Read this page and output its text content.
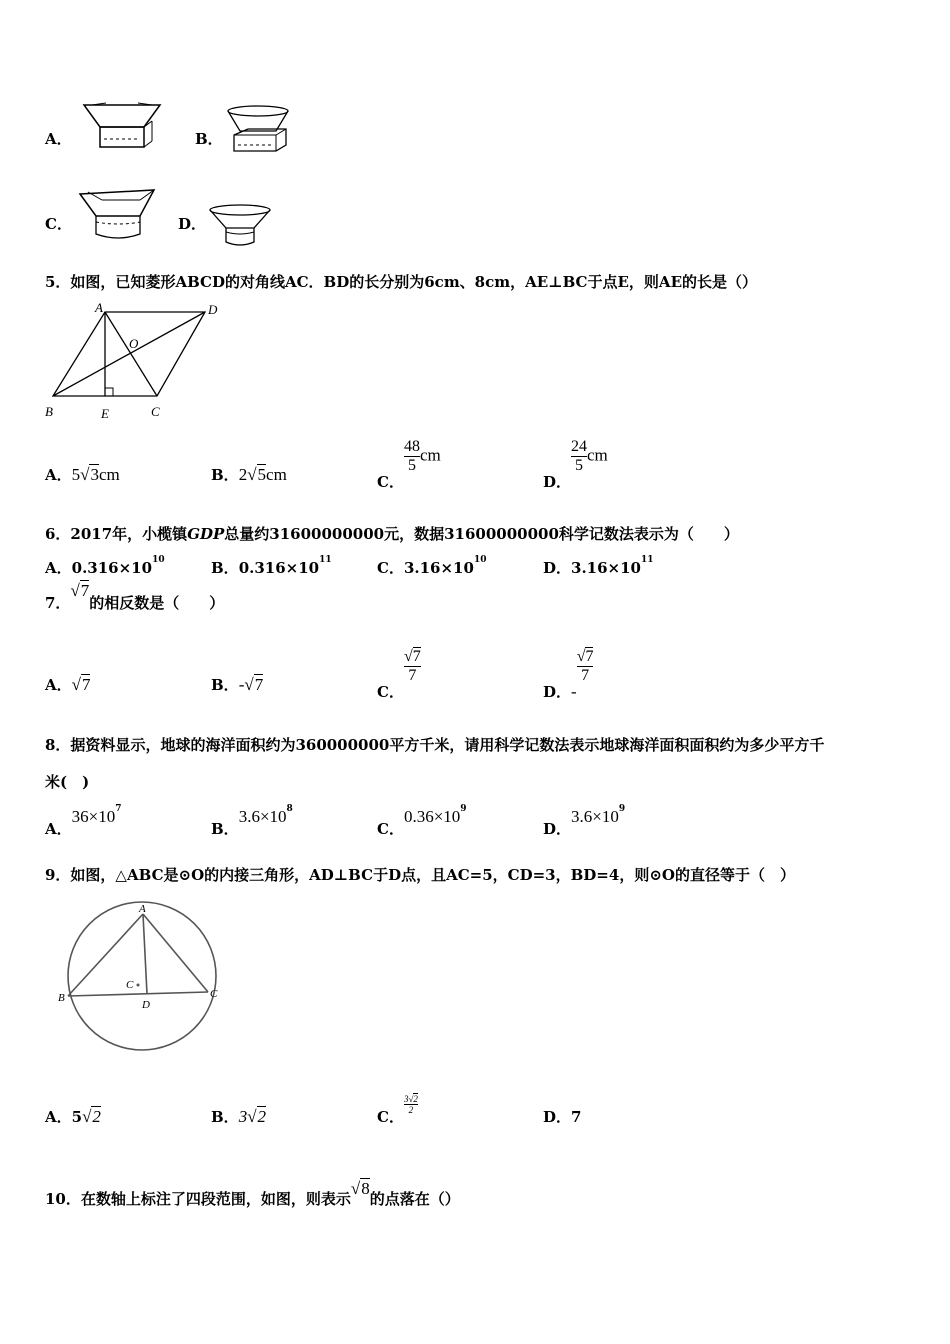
A．	B．
C．	D．
5．如图，已知菱形ABCD的对角线AC．BD的长分别为6cm、8cm，AE⊥BC于点E，则AE的长是（）
A	D
B	E	C
O
A．5√3cm	B．2√5cm	C．
$\frac{48}{5}$ cm
D．
$\frac{24}{5}$ cm
6．2017年，小榄镇GDP总量约31600000000元，数据31600000000科学记数法表示为（　　）
A．$0.316\times 10^{10}$	B．$0.316\times 10^{11}$	C．$3.16\times 10^{10}$	D．$3.16\times 10^{11}$
7．√7的相反数是（　　）
A．√7	B．-√7	C．
$\frac{√7}{7}$
D．-
$\frac{√7}{7}$
8．据资料显示，地球的海洋面积约为360000000平方千米，请用科学记数法表示地球海洋面积面积约为多少平方千
米(　)
A．$36\times 10^7$
B．$3.6\times 10^8$
C．$0.36\times 10^9$
D．$3.6\times 10^9$
9．如图，△ABC是⊙O的内接三角形，AD⊥BC于D点，且AC=5，CD=3，BD=4，则⊙O的直径等于（　）
A
B	C
D
C
A．5√2	B．3√2	C．
$\frac{3√2}{2}$
D．7
10．在数轴上标注了四段范围，如图，则表示√8的点落在（）
